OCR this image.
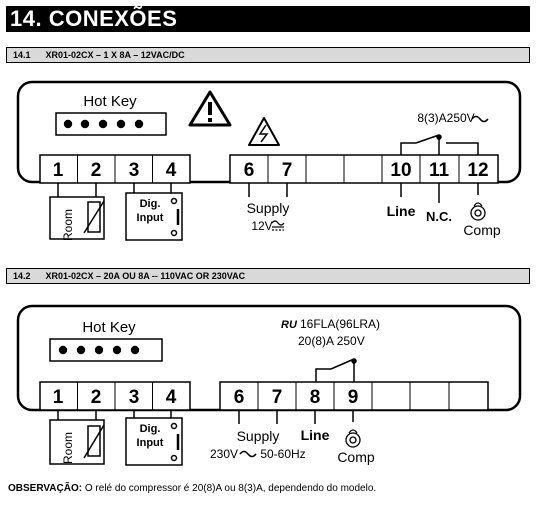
14. CONEXÕES
14.1 XR01-02CX – 1 X 8A – 12VAC/DC
Hot Key
1 2 3 4	6 7	10 11 12
8(3)A250V
Room
Dig.
Input
Supply
12V
Line N.C.
Comp
14.2 XR01-02CX – 20A OU 8A -- 110VAC OR 230VAC
Hot Key	RU 16FLA(96LRA)
20(8)A 250V
1 2 3 4	6 7 8 9
Room
Dig.
Input	Supply
230V 50-60Hz
Line
Comp
OBSERVAÇÃO: O relé do compressor é 20(8)A ou 8(3)A, dependendo do modelo.
